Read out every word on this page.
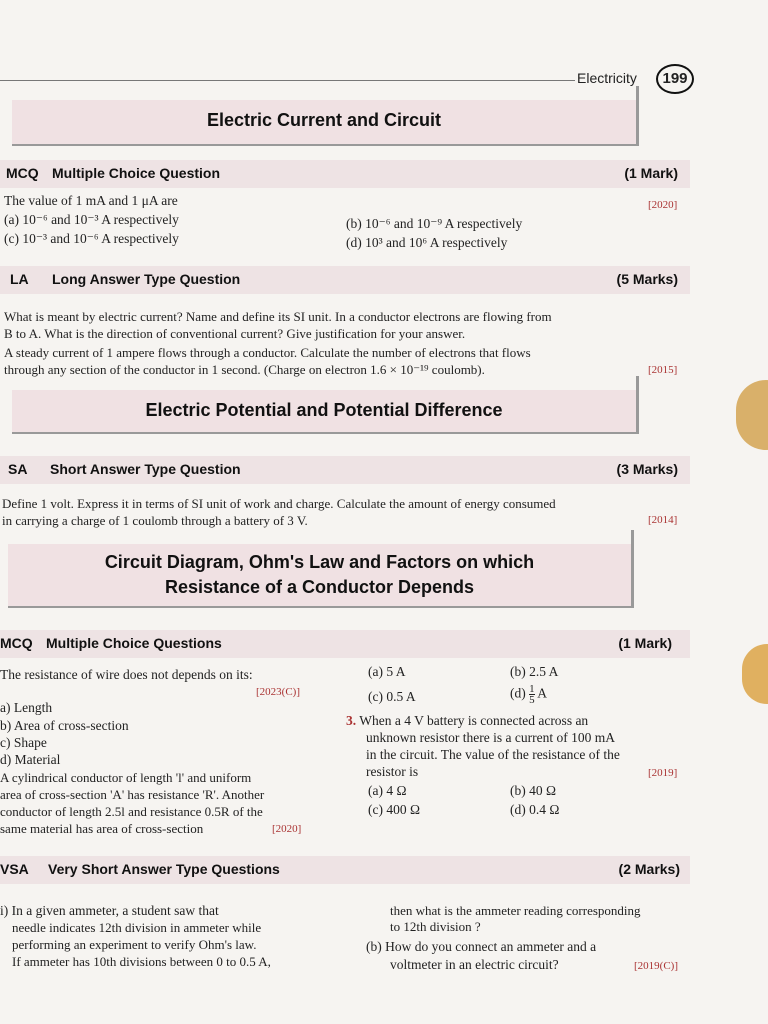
Electricity	199
Electric Current and Circuit
MCQ Multiple Choice Question	(1 Mark)
The value of 1 mA and 1 μA are	[2020]
(a) 10⁻⁶ and 10⁻³ A respectively	(b) 10⁻⁶ and 10⁻⁹ A respectively
(c) 10⁻³ and 10⁻⁶ A respectively	(d) 10³ and 10⁶ A respectively
LA Long Answer Type Question	(5 Marks)
What is meant by electric current? Name and define its SI unit. In a conductor electrons are flowing from
B to A. What is the direction of conventional current? Give justification for your answer.
A steady current of 1 ampere flows through a conductor. Calculate the number of electrons that flows
through any section of the conductor in 1 second. (Charge on electron 1.6 × 10⁻¹⁹ coulomb).	[2015]
Electric Potential and Potential Difference
SA Short Answer Type Question	(3 Marks)
Define 1 volt. Express it in terms of SI unit of work and charge. Calculate the amount of energy consumed
in carrying a charge of 1 coulomb through a battery of 3 V.	[2014]
Circuit Diagram, Ohm's Law and Factors on which
Resistance of a Conductor Depends
MCQ Multiple Choice Questions	(1 Mark)
The resistance of wire does not depends on its:
[2023(C)]
a) Length
b) Area of cross-section
c) Shape
d) Material
A cylindrical conductor of length 'l' and uniform
area of cross-section 'A' has resistance 'R'. Another
conductor of length 2.5l and resistance 0.5R of the
same material has area of cross-section	[2020]
(a) 5 A	(b) 2.5 A
(c) 0.5 A	$(d) \frac{1}{5}$ A
3. When a 4 V battery is connected across an
unknown resistor there is a current of 100 mA
in the circuit. The value of the resistance of the
resistor is	[2019]
(a) 4 Ω	(b) 40 Ω
(c) 400 Ω	(d) 0.4 Ω
VSA Very Short Answer Type Questions	(2 Marks)
i) In a given ammeter, a student saw that
needle indicates 12th division in ammeter while
performing an experiment to verify Ohm's law.
If ammeter has 10th divisions between 0 to 0.5 A,
then what is the ammeter reading corresponding
to 12th division ?
(b) How do you connect an ammeter and a
voltmeter in an electric circuit?	[2019(C)]
